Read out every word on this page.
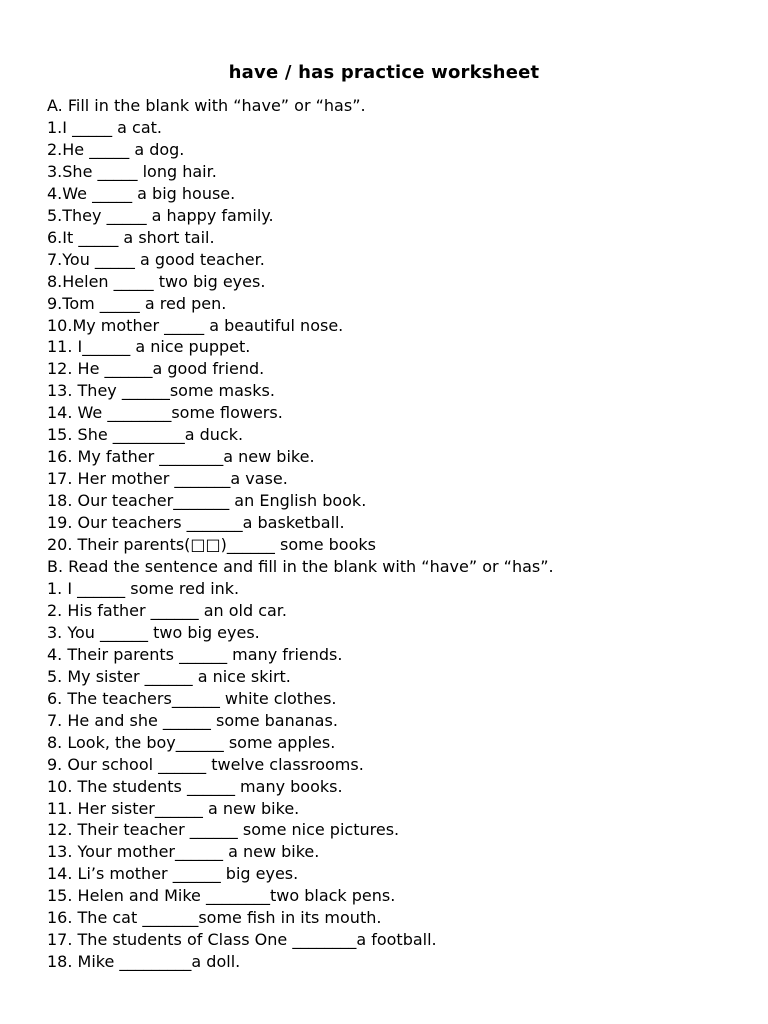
have / has practice worksheet

A. Fill in the blank with “have” or “has”.

1.I _____ a cat.

2.He _____ a dog.

3.She _____ long hair.

4.We _____ a big house.

5.They _____ a happy family.

6.It _____ a short tail.

7.You _____ a good teacher.

8.Helen _____ two big eyes.

9.Tom _____ a red pen.

10.My mother _____ a beautiful nose.

11. I______ a nice puppet.

12. He ______a good friend.

13. They ______some masks.

14. We ________some flowers.

15. She _________a duck.

16. My father ________a new bike.

17. Her mother _______a vase.

18. Our teacher_______ an English book.

19. Our teachers _______a basketball.

20. Their parents(□□)______ some books

B. Read the sentence and fill in the blank with “have” or “has”.

1. I ______ some red ink.

2. His father ______ an old car.

3. You ______ two big eyes.

4. Their parents ______ many friends.

5. My sister ______ a nice skirt.

6. The teachers______ white clothes.

7. He and she ______ some bananas.

8. Look, the boy______ some apples.

9. Our school ______ twelve classrooms.

10. The students ______ many books.

11. Her sister______ a new bike.

12. Their teacher ______ some nice pictures.

13. Your mother______ a new bike.

14. Li’s mother ______ big eyes.

15. Helen and Mike ________two black pens.

16. The cat _______some fish in its mouth.

17. The students of Class One ________a football.

18. Mike _________a doll.
